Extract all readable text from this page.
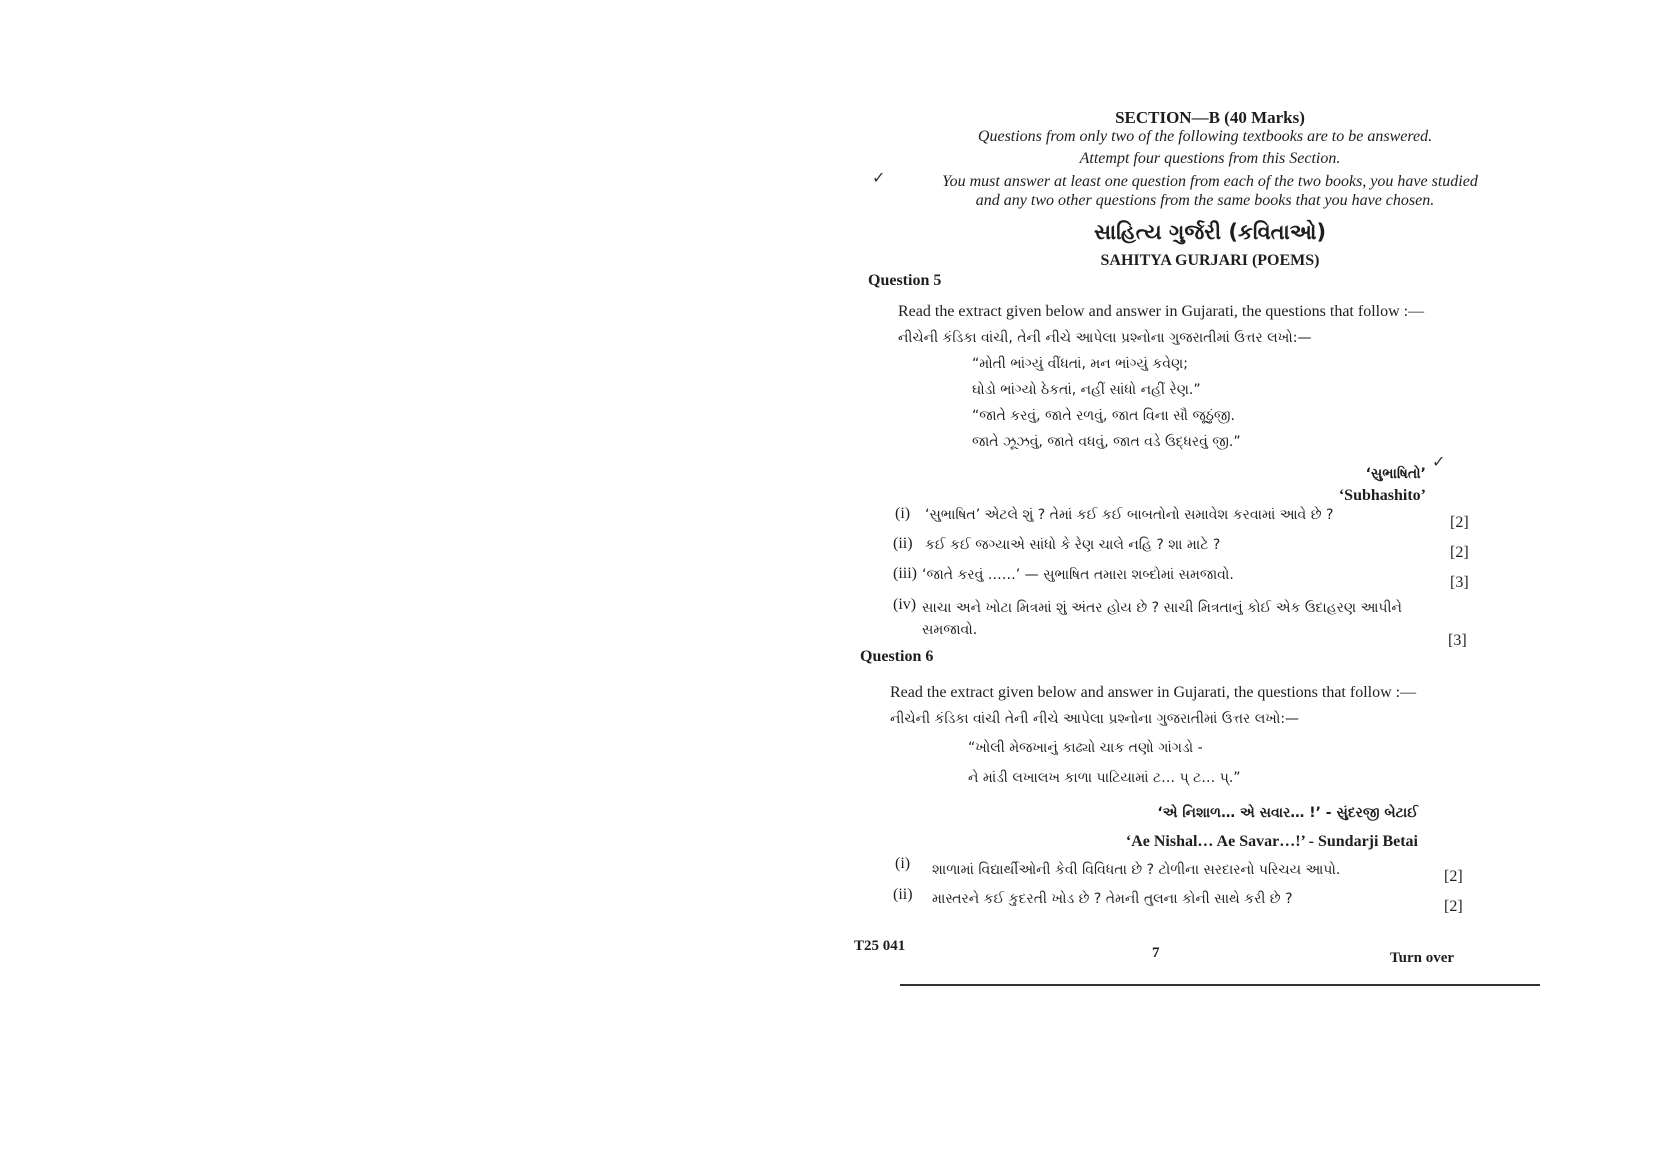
SECTION—B (40 Marks)
Questions from only two of the following textbooks are to be answered.
Attempt four questions from this Section.
✓	You must answer at least one question from each of the two books, you have studied
and any two other questions from the same books that you have chosen.
સાહિત્ય ગુર્જરી (કવિતાઓ)
SAHITYA GURJARI (POEMS)
Question 5
Read the extract given below and answer in Gujarati, the questions that follow :—
નીચેની કંડિકા વાંચી, તેની નીચે આપેલા પ્રશ્નોના ગુજરાતીમાં ઉત્તર લખો:—
“મોતી ભાંગ્યું વીંધતાં, મન ભાંગ્યું કવેણ;
ઘોડો ભાંગ્યો ઠેકતાં, નહીં સાંધો નહીં રેણ.”
“જાતે કરવું, જાતે રળવું, જાત વિના સૌ જૂઠુંજી.
જાતે ઝૂઝવું, જાતે વધવું, જાત વડે ઉદ્ધરવું જી.”
‘સુભાષિતો’
✓
‘Subhashito’
(i) ‘સુભાષિત’ એટલે શું ? તેમાં કઈ કઈ બાબતોનો સમાવેશ કરવામાં આવે છે ?	[2]
(ii) કઈ કઈ જગ્યાએ સાંધો કે રેણ ચાલે નહિ ? શા માટે ?	[2]
(iii) ‘જાતે કરવું ……’ — સુભાષિત તમારા શબ્દોમાં સમજાવો.	[3]
(iv) સાચા અને ખોટા મિત્રમાં શું અંતર હોય છે ? સાચી મિત્રતાનું કોઈ એક ઉદાહરણ આપીને
સમજાવો.
[3]
Question 6
Read the extract given below and answer in Gujarati, the questions that follow :—
નીચેની કંડિકા વાંચી તેની નીચે આપેલા પ્રશ્નોના ગુજરાતીમાં ઉત્તર લખો:—
“ખોલી મેજખાનું કાઢ્યો ચાક તણો ગાંગડો -
ને માંડી લખાલખ કાળા પાટિયામાં ટ… પ્ ટ… પ્.”
‘એ નિશાળ… એ સવાર… !’ - સુંદરજી બેટાઈ
‘Ae Nishal… Ae Savar…!’ - Sundarji Betai
(i) શાળામાં વિદ્યાર્થીઓની કેવી વિવિધતા છે ? ટોળીના સરદારનો પરિચય આપો.	[2]
(ii) માસ્તરને કઈ કુદરતી ખોડ છે ? તેમની તુલના કોની સાથે કરી છે ?	[2]
T25 041	7	Turn over
